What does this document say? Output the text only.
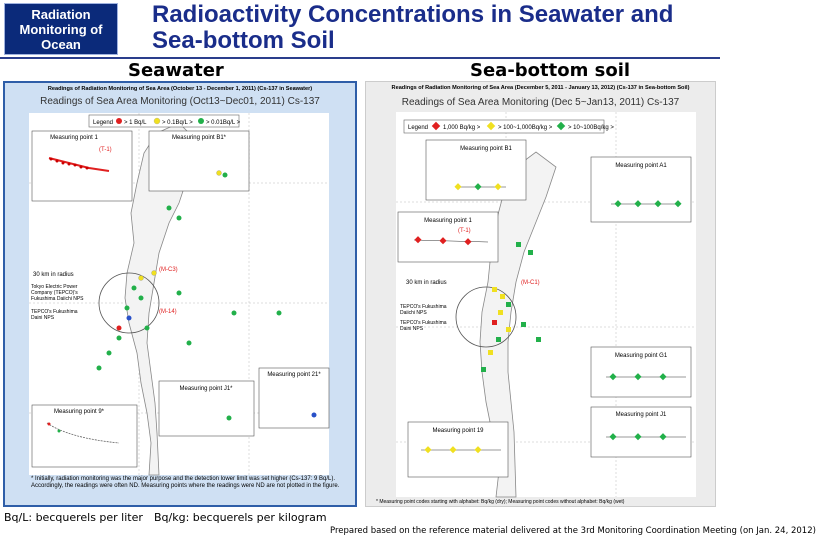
Radiation
Monitoring of
Ocean
Radioactivity Concentrations in Seawater and
Sea-bottom Soil
Seawater	Sea-bottom soil
Readings of Radiation Monitoring of Sea Area (October 13 - December 1, 2011) (Cs-137 in Seawater)
Readings of Sea Area Monitoring (Oct13~Dec01, 2011) Cs-137
Legend > 1 Bq/L	> 0.1Bq/L > > 0.01Bq/L >
Measuring point 1
(T-1)
Measuring point B1*
30 km in radius
Tokyo Electric Power
Company (TEPCO)'s
Fukushima Daiichi NPS
TEPCO's Fukushima
Daini NPS
(M-C3)
(M-14)
Measuring point 21*
Measuring point J1*
Measuring point 9*
* Initially, radiation monitoring was the major purpose and the detection lower limit was set higher (Cs-137: 9 Bq/L). Accordingly, the readings were often ND. Measuring points where the readings were ND are not plotted in the figure.
Readings of Radiation Monitoring of Sea Area (December 5, 2011 - January 13, 2012) (Cs-137 in Sea-bottom Soil)
Readings of Sea Area Monitoring (Dec 5~Jan13, 2011) Cs-137
Legend 1,000 Bq/kg >	> 100~1,000Bq/kg >	> 10~100Bq/kg >
Measuring point B1
Measuring point A1
Measuring point 1
(T-1)
30 km in radius
TEPCO's Fukushima
Daiichi NPS
TEPCO's Fukushima
Daini NPS
(M-C1)
Measuring point G1
Measuring point J1
Measuring point 19
* Measuring point codes starting with alphabet: Bq/kg (dry); Measuring point codes without alphabet: Bq/kg (wet)
Bq/L: becquerels per liter Bq/kg: becquerels per kilogram
Prepared based on the reference material delivered at the 3rd Monitoring Coordination Meeting (on Jan. 24, 2012)
